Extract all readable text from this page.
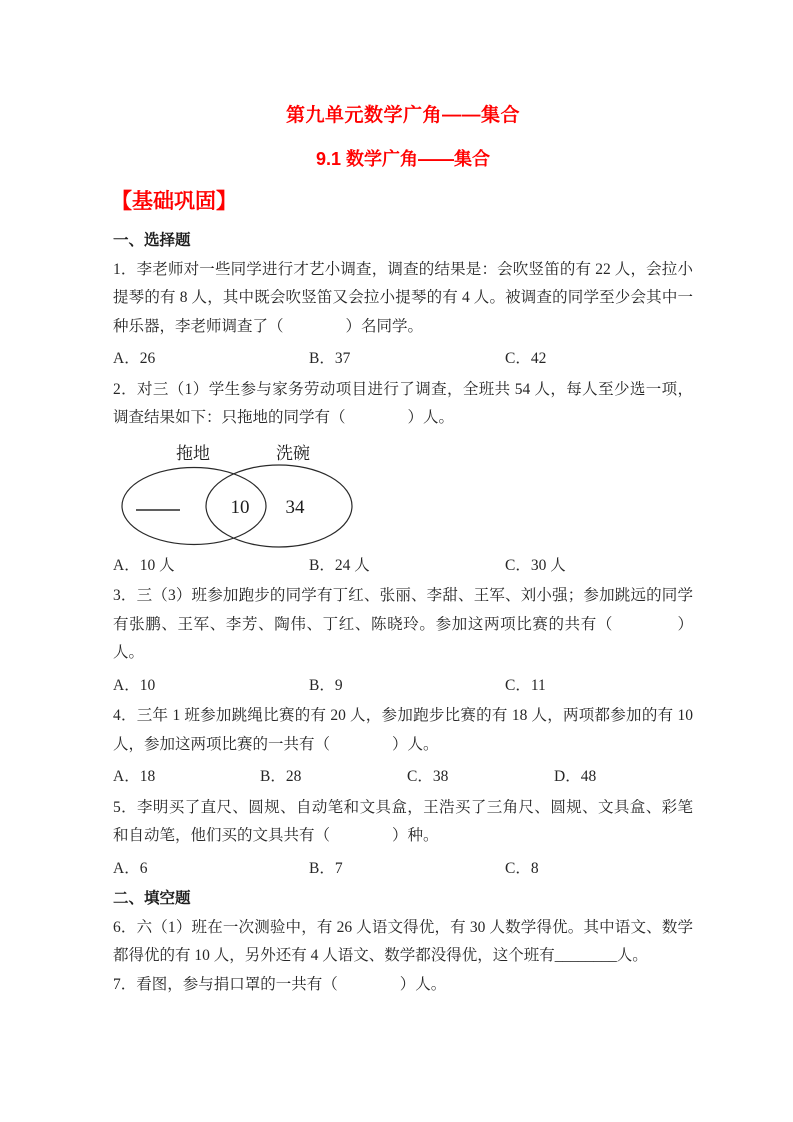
第九单元数学广角——集合
9.1 数学广角——集合
【基础巩固】
一、选择题

1．李老师对一些同学进行才艺小调查，调查的结果是：会吹竖笛的有 22 人，会拉小提琴的有 8 人，其中既会吹竖笛又会拉小提琴的有 4 人。被调查的同学至少会其中一种乐器，李老师调查了（　　　　）名同学。

A．26	B．37	C．42

2．对三（1）学生参与家务劳动项目进行了调查，全班共 54 人，每人至少选一项，调查结果如下：只拖地的同学有（　　　　）人。

拖地	洗碗
10 34
A．10 人	B．24 人	C．30 人

3．三（3）班参加跑步的同学有丁红、张丽、李甜、王军、刘小强；参加跳远的同学有张鹏、王军、李芳、陶伟、丁红、陈晓玲。参加这两项比赛的共有（　　　　）人。

A．10	B．9	C．11

4．三年 1 班参加跳绳比赛的有 20 人，参加跑步比赛的有 18 人，两项都参加的有 10 人，参加这两项比赛的一共有（　　　　）人。

A．18	B．28	C．38	D．48

5．李明买了直尺、圆规、自动笔和文具盒，王浩买了三角尺、圆规、文具盒、彩笔和自动笔，他们买的文具共有（　　　　）种。

A．6	B．7	C．8
二、填空题

6．六（1）班在一次测验中，有 26 人语文得优，有 30 人数学得优。其中语文、数学都得优的有 10 人，另外还有 4 人语文、数学都没得优，这个班有________人。

7．看图，参与捐口罩的一共有（　　　　）人。
